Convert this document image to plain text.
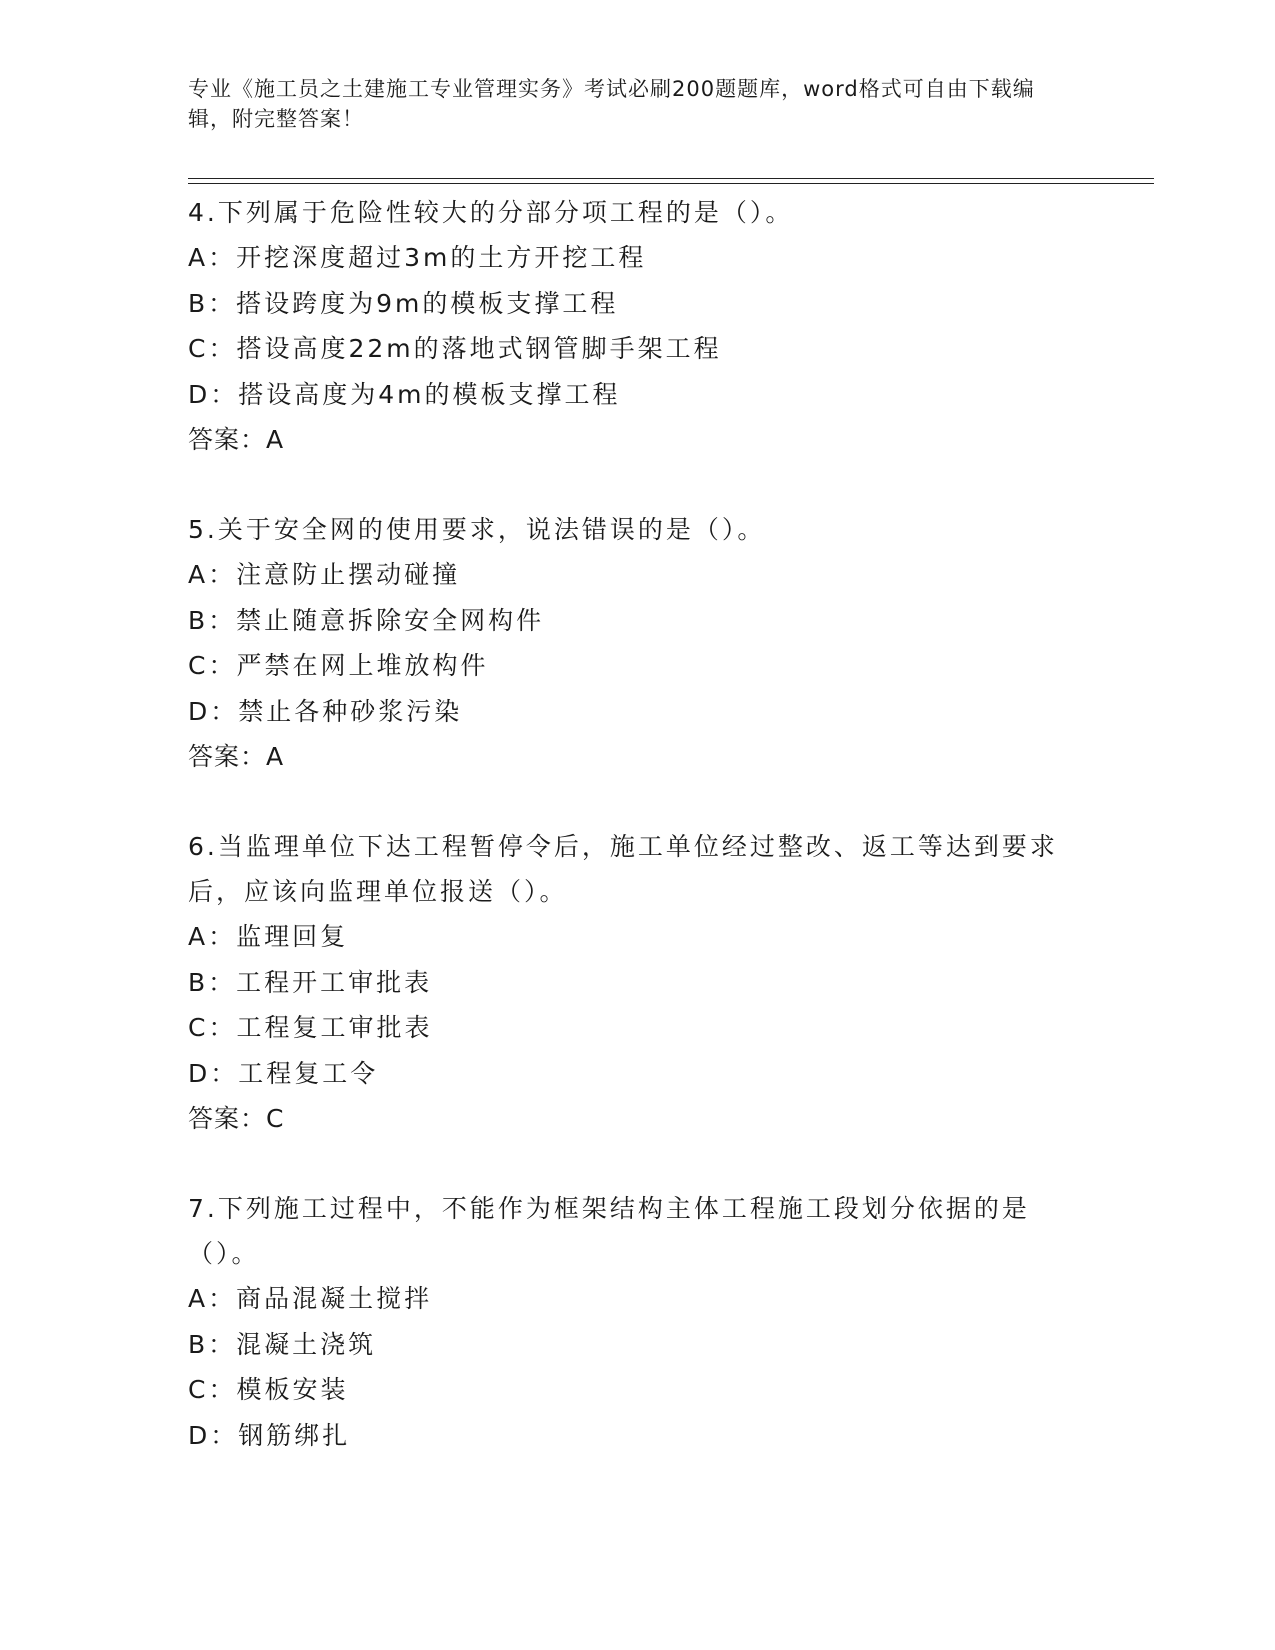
专业《施工员之土建施工专业管理实务》考试必刷200题题库，word格式可自由下载编辑，附完整答案！

4.下列属于危险性较大的分部分项工程的是（）。

A：开挖深度超过3m的土方开挖工程

B：搭设跨度为9m的模板支撑工程

C：搭设高度22m的落地式钢管脚手架工程

D：搭设高度为4m的模板支撑工程

答案：A

5.关于安全网的使用要求，说法错误的是（）。

A：注意防止摆动碰撞

B：禁止随意拆除安全网构件

C：严禁在网上堆放构件

D：禁止各种砂浆污染

答案：A

6.当监理单位下达工程暂停令后，施工单位经过整改、返工等达到要求后，应该向监理单位报送（）。

A：监理回复

B：工程开工审批表

C：工程复工审批表

D：工程复工令

答案：C

7.下列施工过程中，不能作为框架结构主体工程施工段划分依据的是（）。

A：商品混凝土搅拌

B：混凝土浇筑

C：模板安装

D：钢筋绑扎
